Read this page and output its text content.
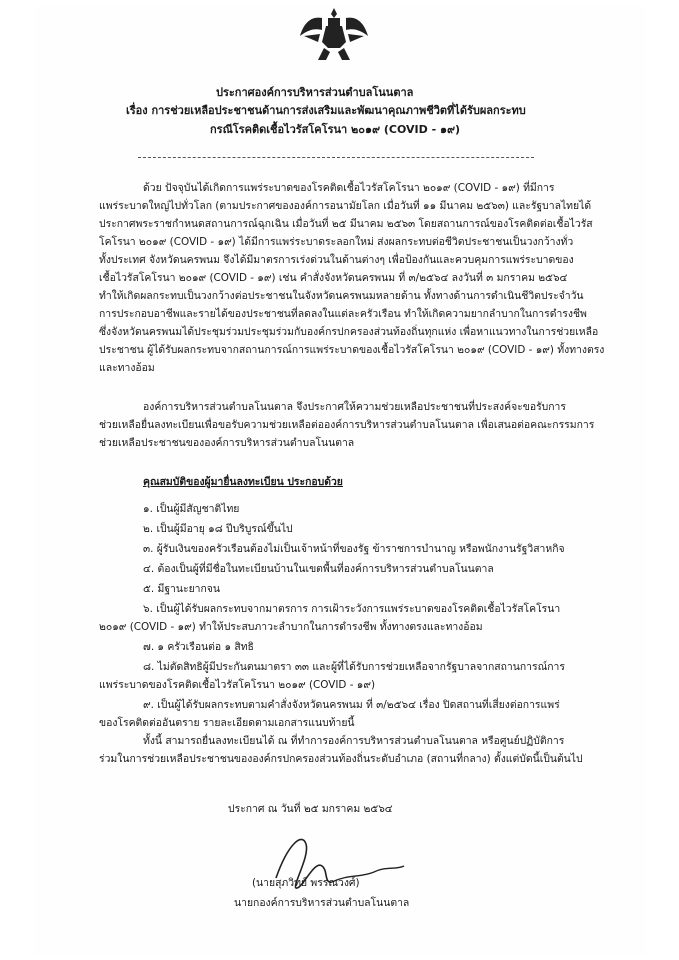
ประกาศองค์การบริหารส่วนตำบลโนนตาล
เรื่อง การช่วยเหลือประชาชนด้านการส่งเสริมและพัฒนาคุณภาพชีวิตที่ได้รับผลกระทบ
กรณีโรคติดเชื้อไวรัสโคโรนา ๒๐๑๙ (COVID - ๑๙)
ด้วย ปัจจุบันได้เกิดการแพร่ระบาดของโรคติดเชื้อไวรัสโคโรนา ๒๐๑๙ (COVID - ๑๙) ที่มีการ
แพร่ระบาดใหญ่ไปทั่วโลก (ตามประกาศขององค์การอนามัยโลก เมื่อวันที่ ๑๑ มีนาคม ๒๕๖๓) และรัฐบาลไทยได้
ประกาศพระราชกำหนดสถานการณ์ฉุกเฉิน เมื่อวันที่ ๒๕ มีนาคม ๒๕๖๓ โดยสถานการณ์ของโรคติดต่อเชื้อไวรัส
โคโรนา ๒๐๑๙ (COVID - ๑๙) ได้มีการแพร่ระบาดระลอกใหม่ ส่งผลกระทบต่อชีวิตประชาชนเป็นวงกว้างทั่ว
ทั้งประเทศ จังหวัดนครพนม จึงได้มีมาตรการเร่งด่วนในด้านต่างๆ เพื่อป้องกันและควบคุมการแพร่ระบาดของ
เชื้อไวรัสโคโรนา ๒๐๑๙ (COVID - ๑๙) เช่น คำสั่งจังหวัดนครพนม ที่ ๓/๒๕๖๔ ลงวันที่ ๓ มกราคม ๒๕๖๔
ทำให้เกิดผลกระทบเป็นวงกว้างต่อประชาชนในจังหวัดนครพนมหลายด้าน ทั้งทางด้านการดำเนินชีวิตประจำวัน
การประกอบอาชีพและรายได้ของประชาชนที่ลดลงในแต่ละครัวเรือน ทำให้เกิดความยากลำบากในการดำรงชีพ
ซึ่งจังหวัดนครพนมได้ประชุมร่วมประชุมร่วมกับองค์กรปกครองส่วนท้องถิ่นทุกแห่ง เพื่อหาแนวทางในการช่วยเหลือ
ประชาชน ผู้ได้รับผลกระทบจากสถานการณ์การแพร่ระบาดของเชื้อไวรัสโคโรนา ๒๐๑๙ (COVID - ๑๙) ทั้งทางตรง
และทางอ้อม
องค์การบริหารส่วนตำบลโนนตาล จึงประกาศให้ความช่วยเหลือประชาชนที่ประสงค์จะขอรับการ
ช่วยเหลือยื่นลงทะเบียนเพื่อขอรับความช่วยเหลือต่อองค์การบริหารส่วนตำบลโนนตาล เพื่อเสนอต่อคณะกรรมการ
ช่วยเหลือประชาชนขององค์การบริหารส่วนตำบลโนนตาล
คุณสมบัติของผู้มายื่นลงทะเบียน ประกอบด้วย
๑. เป็นผู้มีสัญชาติไทย
๒. เป็นผู้มีอายุ ๑๘ ปีบริบูรณ์ขึ้นไป
๓. ผู้รับเงินของครัวเรือนต้องไม่เป็นเจ้าหน้าที่ของรัฐ ข้าราชการบำนาญ หรือพนักงานรัฐวิสาหกิจ
๔. ต้องเป็นผู้ที่มีชื่อในทะเบียนบ้านในเขตพื้นที่องค์การบริหารส่วนตำบลโนนตาล
๕. มีฐานะยากจน
๖. เป็นผู้ได้รับผลกระทบจากมาตรการ การเฝ้าระวังการแพร่ระบาดของโรคติดเชื้อไวรัสโคโรนา
๒๐๑๙ (COVID - ๑๙) ทำให้ประสบภาวะลำบากในการดำรงชีพ ทั้งทางตรงและทางอ้อม
๗. ๑ ครัวเรือนต่อ ๑ สิทธิ
๘. ไม่ตัดสิทธิผู้มีประกันตนมาตรา ๓๓ และผู้ที่ได้รับการช่วยเหลือจากรัฐบาลจากสถานการณ์การ
แพร่ระบาดของโรคติดเชื้อไวรัสโคโรนา ๒๐๑๙ (COVID - ๑๙)
๙. เป็นผู้ได้รับผลกระทบตามคำสั่งจังหวัดนครพนม ที่ ๓/๒๕๖๔ เรื่อง ปิดสถานที่เสี่ยงต่อการแพร่
ของโรคติดต่ออันตราย รายละเอียดตามเอกสารแนบท้ายนี้
ทั้งนี้ สามารถยื่นลงทะเบียนได้ ณ ที่ทำการองค์การบริหารส่วนตำบลโนนตาล หรือศูนย์ปฏิบัติการ
ร่วมในการช่วยเหลือประชาชนขององค์กรปกครองส่วนท้องถิ่นระดับอำเภอ (สถานที่กลาง) ตั้งแต่บัดนี้เป็นต้นไป
ประกาศ ณ วันที่ ๒๕ มกราคม ๒๕๖๔
(นายสุภวิทย์ พรรณวงศ์)
นายกองค์การบริหารส่วนตำบลโนนตาล
